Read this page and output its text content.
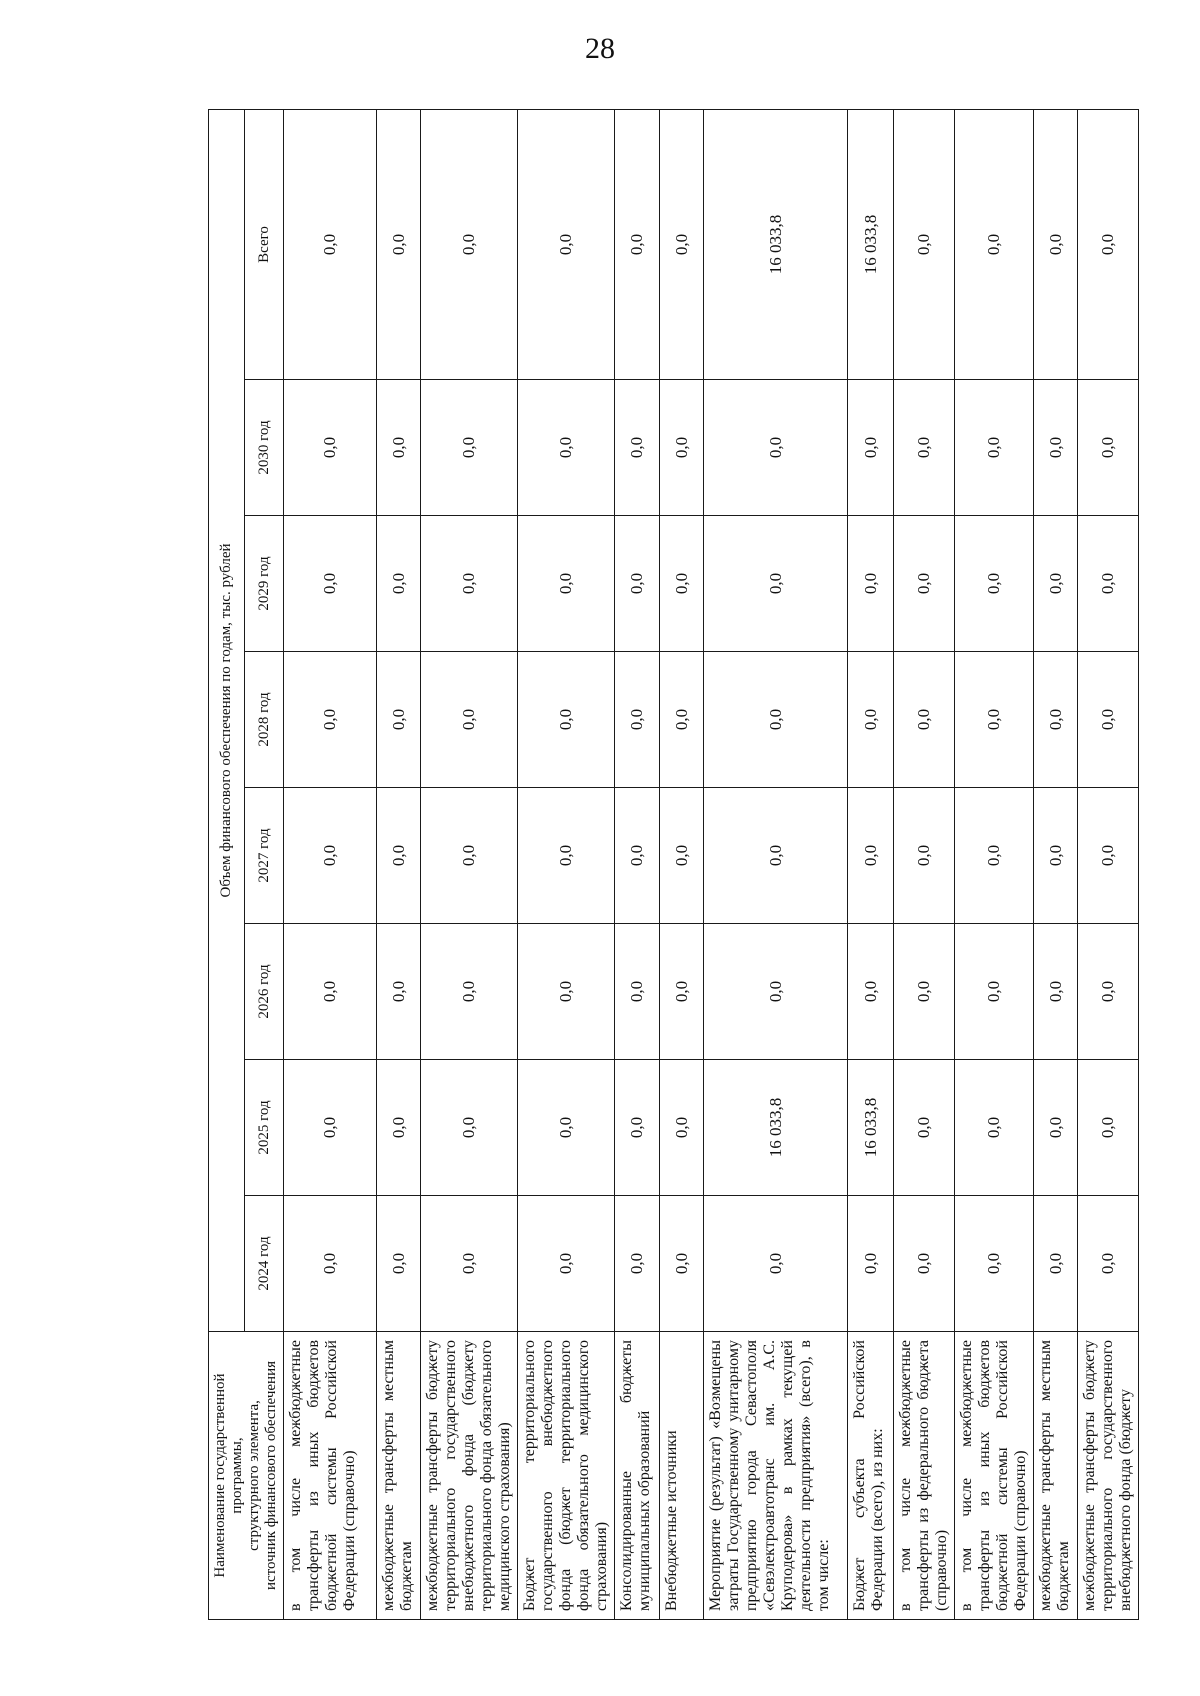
28
Наименование государственной программы, структурного элемента, источник финансового обеспечения	Объем финансового обеспечения по годам, тыс. рублей							
	2024 год	2025 год	2026 год	2027 год	2028 год	2029 год	2030 год	Всего
в том числе межбюджетные трансферты из иных бюджетов бюджетной системы Российской Федерации (справочно)	0,0	0,0	0,0	0,0	0,0	0,0	0,0	0,0
межбюджетные трансферты местным бюджетам	0,0	0,0	0,0	0,0	0,0	0,0	0,0	0,0
межбюджетные трансферты бюджету территориального государственного внебюджетного фонда (бюджету территориального фонда обязательного медицинского страхования)	0,0	0,0	0,0	0,0	0,0	0,0	0,0	0,0
Бюджет территориального государственного внебюджетного фонда (бюджет территориального фонда обязательного медицинского страхования)	0,0	0,0	0,0	0,0	0,0	0,0	0,0	0,0
Консолидированные бюджеты муниципальных образований	0,0	0,0	0,0	0,0	0,0	0,0	0,0	0,0
Внебюджетные источники	0,0	0,0	0,0	0,0	0,0	0,0	0,0	0,0
Мероприятие (результат) «Возмещены затраты Государственному унитарному предприятию города Севастополя «Севэлектроавтотранс им. А.С. Круподерова» в рамках текущей деятельности предприятия» (всего), в том числе:	0,0	16 033,8	0,0	0,0	0,0	0,0	0,0	16 033,8
Бюджет субъекта Российской Федерации (всего), из них:	0,0	16 033,8	0,0	0,0	0,0	0,0	0,0	16 033,8
в том числе межбюджетные трансферты из федерального бюджета (справочно)	0,0	0,0	0,0	0,0	0,0	0,0	0,0	0,0
в том числе межбюджетные трансферты из иных бюджетов бюджетной системы Российской Федерации (справочно)	0,0	0,0	0,0	0,0	0,0	0,0	0,0	0,0
межбюджетные трансферты местным бюджетам	0,0	0,0	0,0	0,0	0,0	0,0	0,0	0,0
межбюджетные трансферты бюджету территориального государственного внебюджетного фонда (бюджету	0,0	0,0	0,0	0,0	0,0	0,0	0,0	0,0
